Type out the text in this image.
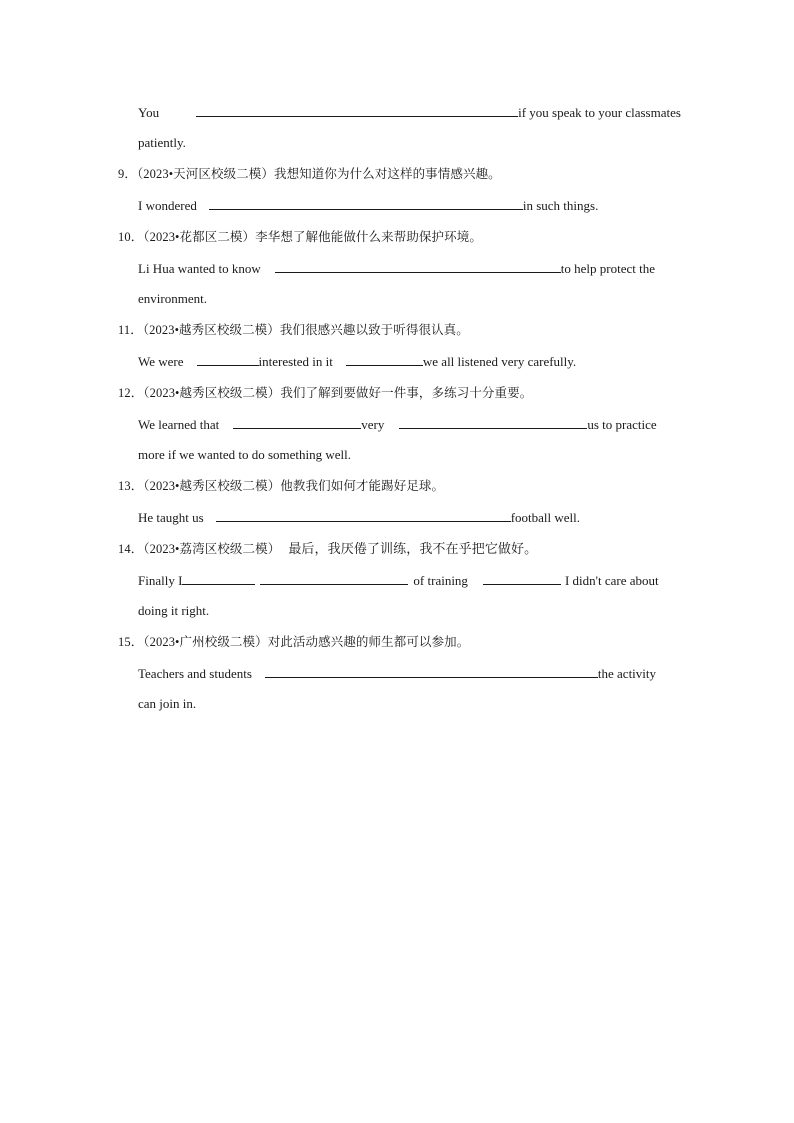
You	if you speak to your classmates
patiently.
9．（2023•天河区校级二模）我想知道你为什么对这样的事情感兴趣。
I wondered	in such things.
10．（2023•花都区二模）李华想了解他能做什么来帮助保护环境。
Li Hua wanted to know	to help protect the
environment.
11．（2023•越秀区校级二模）我们很感兴趣以致于听得很认真。
We were	interested in it	we all listened very carefully.
12．（2023•越秀区校级二模）我们了解到要做好一件事，多练习十分重要。
We learned that	very	us to practice
more if we wanted to do something well.
13．（2023•越秀区校级二模）他教我们如何才能踢好足球。
He taught us	football well.
14．（2023•荔湾区校级二模） 最后，我厌倦了训练，我不在乎把它做好。
Finally I	of training	I didn't care about
doing it right.
15．（2023•广州校级二模）对此活动感兴趣的师生都可以参加。
Teachers and students	the activity
can join in.
